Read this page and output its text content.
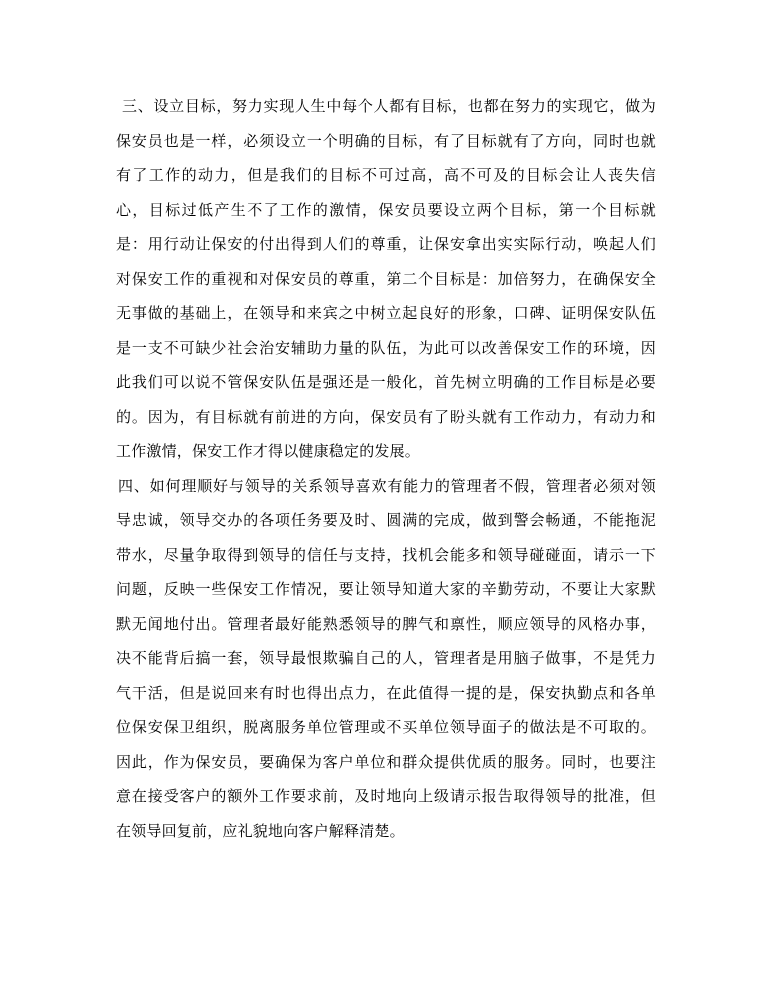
三、设立目标，努力实现人生中每个人都有目标，也都在努力的实现它，做为
保安员也是一样，必须设立一个明确的目标，有了目标就有了方向，同时也就
有了工作的动力，但是我们的目标不可过高，高不可及的目标会让人丧失信
心，目标过低产生不了工作的激情，保安员要设立两个目标，第一个目标就
是：用行动让保安的付出得到人们的尊重，让保安拿出实实际行动，唤起人们
对保安工作的重视和对保安员的尊重，第二个目标是：加倍努力，在确保安全
无事做的基础上，在领导和来宾之中树立起良好的形象，口碑、证明保安队伍
是一支不可缺少社会治安辅助力量的队伍，为此可以改善保安工作的环境，因
此我们可以说不管保安队伍是强还是一般化，首先树立明确的工作目标是必要
的。因为，有目标就有前进的方向，保安员有了盼头就有工作动力，有动力和
工作激情，保安工作才得以健康稳定的发展。
四、如何理顺好与领导的关系领导喜欢有能力的管理者不假，管理者必须对领
导忠诚，领导交办的各项任务要及时、圆满的完成，做到警会畅通，不能拖泥
带水，尽量争取得到领导的信任与支持，找机会能多和领导碰碰面，请示一下
问题，反映一些保安工作情况，要让领导知道大家的辛勤劳动，不要让大家默
默无闻地付出。管理者最好能熟悉领导的脾气和禀性，顺应领导的风格办事，
决不能背后搞一套，领导最恨欺骗自己的人，管理者是用脑子做事，不是凭力
气干活，但是说回来有时也得出点力，在此值得一提的是，保安执勤点和各单
位保安保卫组织，脱离服务单位管理或不买单位领导面子的做法是不可取的。
因此，作为保安员，要确保为客户单位和群众提供优质的服务。同时，也要注
意在接受客户的额外工作要求前，及时地向上级请示报告取得领导的批准，但
在领导回复前，应礼貌地向客户解释清楚。
